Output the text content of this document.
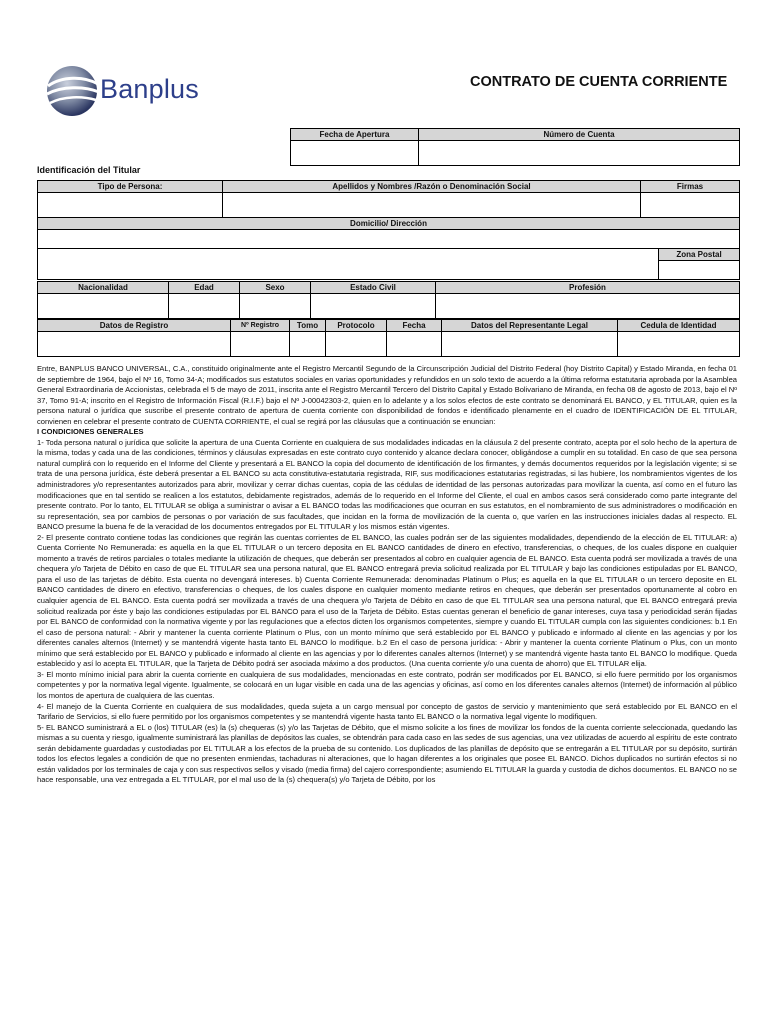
Banplus	CONTRATO DE CUENTA CORRIENTE
Fecha de Apertura	Número de Cuenta

Identificación del Titular
Tipo de Persona:	Apellidos y Nombres /Razón o Denominación Social	Firmas

Domicilio/ Dirección

	Zona Postal

Nacionalidad	Edad	Sexo	Estado Civil	Profesión

Datos de Registro	Nº Registro	Tomo	Protocolo	Fecha	Datos del Representante Legal	Cedula de Identidad

Entre, BANPLUS BANCO UNIVERSAL, C.A., constituido originalmente ante el Registro Mercantil Segundo de la Circunscripción Judicial del Distrito Federal (hoy Distrito Capital) y Estado Miranda, en fecha 01 de septiembre de 1964, bajo el Nº 16, Tomo 34-A; modificados sus estatutos sociales en varias oportunidades y refundidos en un solo texto de acuerdo a la última reforma estatutaria aprobada por la Asamblea General Extraordinaria de Accionistas, celebrada el 5 de mayo de 2011, inscrita ante el Registro Mercantil Tercero del Distrito Capital y Estado Bolivariano de Miranda, en fecha 08 de agosto de 2013, bajo el Nº 37, Tomo 91-A; inscrito en el Registro de Información Fiscal (R.I.F.) bajo el Nº J-00042303-2, quien en lo adelante y a los solos efectos de este contrato se denominará EL BANCO, y EL TITULAR, quien es la persona natural o jurídica que suscribe el presente contrato de apertura de cuenta corriente con disponibilidad de fondos e identificado plenamente en el cuadro de IDENTIFICACIÓN DE EL TITULAR, convienen en celebrar el presente contrato de CUENTA CORRIENTE, el cual se regirá por las cláusulas que a continuación se enuncian:

I CONDICIONES GENERALES

1- Toda persona natural o jurídica que solicite la apertura de una Cuenta Corriente en cualquiera de sus modalidades indicadas en la cláusula 2 del presente contrato, acepta por el solo hecho de la apertura de la misma, todas y cada una de las condiciones, términos y cláusulas expresadas en este contrato cuyo contenido y alcance declara conocer, obligándose a cumplir en su totalidad. En caso de que sea persona natural cumplirá con lo requerido en el Informe del Cliente y presentará a EL BANCO la copia del documento de identificación de los firmantes, y demás documentos requeridos por la legislación vigente; si se trata de una persona jurídica, éste deberá presentar a EL BANCO su acta constitutiva-estatutaria registrada, RIF, sus modificaciones estatutarias registradas, si las hubiere, los nombramientos vigentes de los administradores y/o representantes autorizados para abrir, movilizar y cerrar dichas cuentas, copia de las cédulas de identidad de las personas autorizadas para movilizar la cuenta, así como en el futuro las modificaciones que en tal sentido se realicen a los estatutos, debidamente registrados, además de lo requerido en el Informe del Cliente, el cual en ambos casos será considerado como parte integrante del presente contrato. Por lo tanto, EL TITULAR se obliga a suministrar o avisar a EL BANCO todas las modificaciones que ocurran en sus estatutos, en el nombramiento de sus administradores o modificación en su representación, sea por cambios de personas o por variación de sus facultades, que incidan en la forma de movilización de la cuenta o, que varíen en las instrucciones iniciales dadas al respecto. EL BANCO presume la buena fe de la veracidad de los documentos entregados por EL TITULAR y los mismos están vigentes.

2- El presente contrato contiene todas las condiciones que regirán las cuentas corrientes de EL BANCO, las cuales podrán ser de las siguientes modalidades, dependiendo de la elección de EL TITULAR: a) Cuenta Corriente No Remunerada: es aquella en la que EL TITULAR o un tercero deposita en EL BANCO cantidades de dinero en efectivo, transferencias, o cheques, de los cuales dispone en cualquier momento a través de retiros parciales o totales mediante la utilización de cheques, que deberán ser presentados al cobro en cualquier agencia de EL BANCO. Esta cuenta podrá ser movilizada a través de una chequera y/o Tarjeta de Débito en caso de que EL TITULAR sea una persona natural, que EL BANCO entregará previa solicitud realizada por EL TITULAR y bajo las condiciones estipuladas por EL BANCO, para el uso de las tarjetas de débito. Esta cuenta no devengará intereses. b) Cuenta Corriente Remunerada: denominadas Platinum o Plus; es aquella en la que EL TITULAR o un tercero deposite en EL BANCO cantidades de dinero en efectivo, transferencias o cheques, de los cuales dispone en cualquier momento mediante retiros en cheques, que deberán ser presentados oportunamente al cobro en cualquier agencia de EL BANCO. Esta cuenta podrá ser movilizada a través de una chequera y/o Tarjeta de Débito en caso de que EL TITULAR sea una persona natural, que EL BANCO entregará previa solicitud realizada por éste y bajo las condiciones estipuladas por EL BANCO para el uso de la Tarjeta de Débito. Estas cuentas generan el beneficio de ganar intereses, cuya tasa y periodicidad serán fijadas por EL BANCO de conformidad con la normativa vigente y por las regulaciones que a efectos dicten los organismos competentes, siempre y cuando EL TITULAR cumpla con las siguientes condiciones: b.1 En el caso de persona natural: - Abrir y mantener la cuenta corriente Platinum o Plus, con un monto mínimo que será establecido por EL BANCO y publicado e informado al cliente en las agencias y por los diferentes canales alternos (Internet) y se mantendrá vigente hasta tanto EL BANCO lo modifique. b.2 En el caso de persona jurídica: - Abrir y mantener la cuenta corriente Platinum o Plus, con un monto mínimo que será establecido por EL BANCO y publicado e informado al cliente en las agencias y por lo diferentes canales alternos (Internet) y se mantendrá vigente hasta tanto EL BANCO lo modifique. Queda establecido y así lo acepta EL TITULAR, que la Tarjeta de Débito podrá ser asociada máximo a dos productos. (Una cuenta corriente y/o una cuenta de ahorro) que EL TITULAR elija.

3- El monto mínimo inicial para abrir la cuenta corriente en cualquiera de sus modalidades, mencionadas en este contrato, podrán ser modificados por EL BANCO, si ello fuere permitido por los organismos competentes y por la normativa legal vigente. Igualmente, se colocará en un lugar visible en cada una de las agencias y oficinas, así como en los diferentes canales alternos (Internet) de información al público los montos de apertura de cualquiera de las cuentas.

4- El manejo de la Cuenta Corriente en cualquiera de sus modalidades, queda sujeta a un cargo mensual por concepto de gastos de servicio y mantenimiento que será establecido por EL BANCO en el Tarifario de Servicios, si ello fuere permitido por los organismos competentes y se mantendrá vigente hasta tanto EL BANCO o la normativa legal vigente lo modifiquen.

5- EL BANCO suministrará a EL o (los) TITULAR (es) la (s) chequeras (s) y/o las Tarjetas de Débito, que el mismo solicite a los fines de movilizar los fondos de la cuenta corriente seleccionada, quedando las mismas a su cuenta y riesgo, igualmente suministrará las planillas de depósitos las cuales, se obtendrán para cada caso en las sedes de sus agencias, una vez utilizadas de acuerdo al espíritu de este contrato serán debidamente guardadas y custodiadas por EL TITULAR a los efectos de la prueba de su contenido. Los duplicados de las planillas de depósito que se entregarán a EL TITULAR por su depósito, surtirán todos los efectos legales a condición de que no presenten enmiendas, tachaduras ni alteraciones, que lo hagan diferentes a los originales que posee EL BANCO. Dichos duplicados no surtirán efectos si no están validados por los terminales de caja y con sus respectivos sellos y visado (media firma) del cajero correspondiente; asumiendo EL TITULAR la guarda y custodia de dichos documentos. EL BANCO no se hace responsable, una vez entregada a EL TITULAR, por el mal uso de la (s) chequera(s) y/o Tarjeta de Débito, por los
